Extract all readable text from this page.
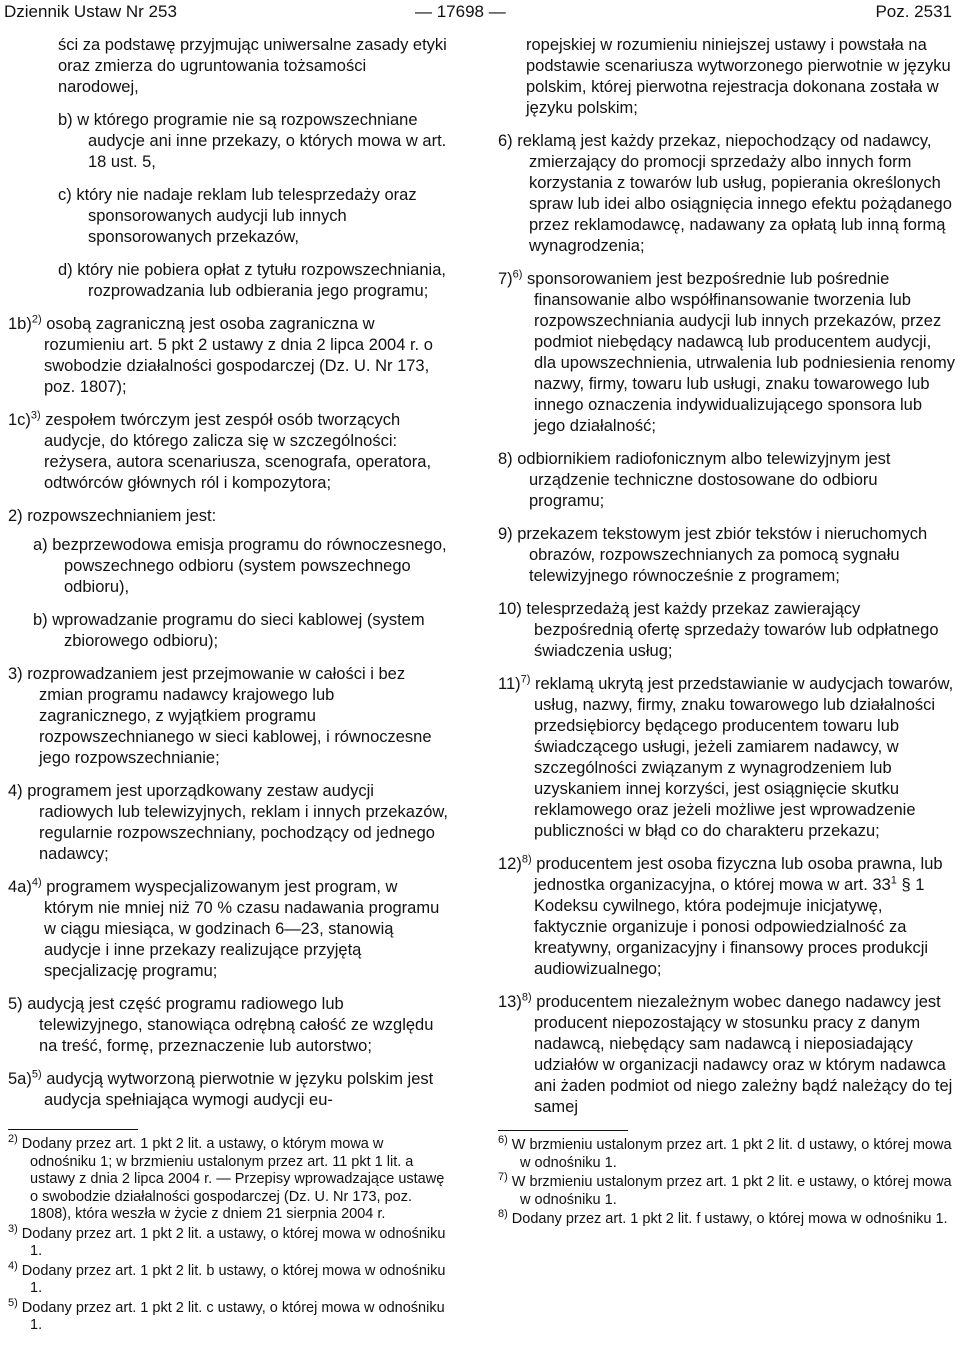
Dziennik Ustaw Nr 253	— 17698 —	Poz. 2531

ści za podstawę przyjmując uniwersalne zasady etyki oraz zmierza do ugruntowania tożsamości narodowej,

b) w którego programie nie są rozpowszechniane audycje ani inne przekazy, o których mowa w art. 18 ust. 5,

c) który nie nadaje reklam lub telesprzedaży oraz sponsorowanych audycji lub innych sponsorowanych przekazów,

d) który nie pobiera opłat z tytułu rozpowszechniania, rozprowadzania lub odbierania jego programu;

1b)$^{2)}$ osobą zagraniczną jest osoba zagraniczna w rozumieniu art. 5 pkt 2 ustawy z dnia 2 lipca 2004 r. o swobodzie działalności gospodarczej (Dz. U. Nr 173, poz. 1807);

1c)$^{3)}$ zespołem twórczym jest zespół osób tworzących audycje, do którego zalicza się w szczególności: reżysera, autora scenariusza, scenografa, operatora, odtwórców głównych ról i kompozytora;

2) rozpowszechnianiem jest:

a) bezprzewodowa emisja programu do równoczesnego, powszechnego odbioru (system powszechnego odbioru),

b) wprowadzanie programu do sieci kablowej (system zbiorowego odbioru);

3) rozprowadzaniem jest przejmowanie w całości i bez zmian programu nadawcy krajowego lub zagranicznego, z wyjątkiem programu rozpowszechnianego w sieci kablowej, i równoczesne jego rozpowszechnianie;

4) programem jest uporządkowany zestaw audycji radiowych lub telewizyjnych, reklam i innych przekazów, regularnie rozpowszechniany, pochodzący od jednego nadawcy;

4a)$^{4)}$ programem wyspecjalizowanym jest program, w którym nie mniej niż 70 % czasu nadawania programu w ciągu miesiąca, w godzinach 6—23, stanowią audycje i inne przekazy realizujące przyjętą specjalizację programu;

5) audycją jest część programu radiowego lub telewizyjnego, stanowiąca odrębną całość ze względu na treść, formę, przeznaczenie lub autorstwo;

5a)$^{5)}$ audycją wytworzoną pierwotnie w języku polskim jest audycja spełniająca wymogi audycji eu-

$^{2)}$ Dodany przez art. 1 pkt 2 lit. a ustawy, o którym mowa w odnośniku 1; w brzmieniu ustalonym przez art. 11 pkt 1 lit. a ustawy z dnia 2 lipca 2004 r. — Przepisy wprowadzające ustawę o swobodzie działalności gospodarczej (Dz. U. Nr 173, poz. 1808), która weszła w życie z dniem 21 sierpnia 2004 r.

$^{3)}$ Dodany przez art. 1 pkt 2 lit. a ustawy, o której mowa w odnośniku 1.

$^{4)}$ Dodany przez art. 1 pkt 2 lit. b ustawy, o której mowa w odnośniku 1.

$^{5)}$ Dodany przez art. 1 pkt 2 lit. c ustawy, o której mowa w odnośniku 1.

ropejskiej w rozumieniu niniejszej ustawy i powstała na podstawie scenariusza wytworzonego pierwotnie w języku polskim, której pierwotna rejestracja dokonana została w języku polskim;

6) reklamą jest każdy przekaz, niepochodzący od nadawcy, zmierzający do promocji sprzedaży albo innych form korzystania z towarów lub usług, popierania określonych spraw lub idei albo osiągnięcia innego efektu pożądanego przez reklamodawcę, nadawany za opłatą lub inną formą wynagrodzenia;

7)$^{6)}$ sponsorowaniem jest bezpośrednie lub pośrednie finansowanie albo współfinansowanie tworzenia lub rozpowszechniania audycji lub innych przekazów, przez podmiot niebędący nadawcą lub producentem audycji, dla upowszechnienia, utrwalenia lub podniesienia renomy nazwy, firmy, towaru lub usługi, znaku towarowego lub innego oznaczenia indywidualizującego sponsora lub jego działalność;

8) odbiornikiem radiofonicznym albo telewizyjnym jest urządzenie techniczne dostosowane do odbioru programu;

9) przekazem tekstowym jest zbiór tekstów i nieruchomych obrazów, rozpowszechnianych za pomocą sygnału telewizyjnego równocześnie z programem;

10) telesprzedażą jest każdy przekaz zawierający bezpośrednią ofertę sprzedaży towarów lub odpłatnego świadczenia usług;

11)$^{7)}$ reklamą ukrytą jest przedstawianie w audycjach towarów, usług, nazwy, firmy, znaku towarowego lub działalności przedsiębiorcy będącego producentem towaru lub świadczącego usługi, jeżeli zamiarem nadawcy, w szczególności związanym z wynagrodzeniem lub uzyskaniem innej korzyści, jest osiągnięcie skutku reklamowego oraz jeżeli możliwe jest wprowadzenie publiczności w błąd co do charakteru przekazu;

12)$^{8)}$ producentem jest osoba fizyczna lub osoba prawna, lub jednostka organizacyjna, o której mowa w art. $33^1$ § 1 Kodeksu cywilnego, która podejmuje inicjatywę, faktycznie organizuje i ponosi odpowiedzialność za kreatywny, organizacyjny i finansowy proces produkcji audiowizualnego;

13)$^{8)}$ producentem niezależnym wobec danego nadawcy jest producent niepozostający w stosunku pracy z danym nadawcą, niebędący sam nadawcą i nieposiadający udziałów w organizacji nadawcy oraz w którym nadawca ani żaden podmiot od niego zależny bądź należący do tej samej

$^{6)}$ W brzmieniu ustalonym przez art. 1 pkt 2 lit. d ustawy, o której mowa w odnośniku 1.

$^{7)}$ W brzmieniu ustalonym przez art. 1 pkt 2 lit. e ustawy, o której mowa w odnośniku 1.

$^{8)}$ Dodany przez art. 1 pkt 2 lit. f ustawy, o której mowa w odnośniku 1.
